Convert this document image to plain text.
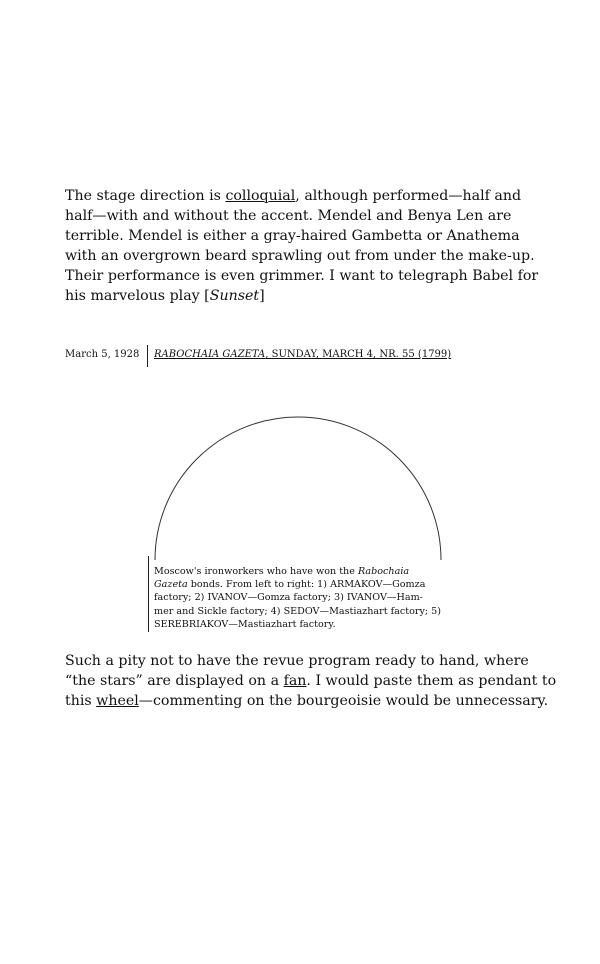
The stage direction is colloquial, although performed—half and
half—with and without the accent. Mendel and Benya Len are
terrible. Mendel is either a gray-haired Gambetta or Anathema
with an overgrown beard sprawling out from under the make-up.
Their performance is even grimmer. I want to telegraph Babel for
his marvelous play [Sunset]
March 5, 1928 RABOCHAIA GAZETA, SUNDAY, MARCH 4, NR. 55 (1799)
Moscow's ironworkers who have won the Rabochaia
Gazeta bonds. From left to right: 1) ARMAKOV—Gomza
factory; 2) IVANOV—Gomza factory; 3) IVANOV—Ham-
mer and Sickle factory; 4) SEDOV—Mastiazhart factory; 5)
SEREBRIAKOV—Mastiazhart factory.
Such a pity not to have the revue program ready to hand, where
“the stars” are displayed on a fan. I would paste them as pendant to
this wheel—commenting on the bourgeoisie would be unnecessary.
